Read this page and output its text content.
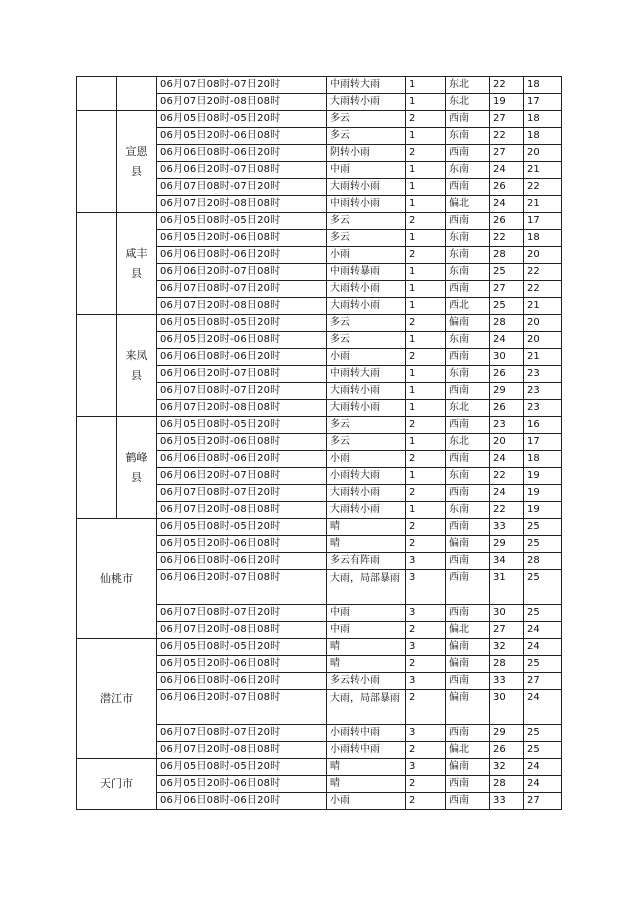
		06月07日08时-07日20时	中雨转大雨	1	东北	22	18
		06月07日20时-08日08时	大雨转小雨	1	东北	19	17
	宣恩县	06月05日08时-05日20时	多云	2	西南	27	18
		06月05日20时-06日08时	多云	1	东南	22	18
		06月06日08时-06日20时	阴转小雨	2	西南	27	20
		06月06日20时-07日08时	中雨	1	东南	24	21
		06月07日08时-07日20时	大雨转小雨	1	西南	26	22
		06月07日20时-08日08时	中雨转小雨	1	偏北	24	21
	咸丰县	06月05日08时-05日20时	多云	2	西南	26	17
		06月05日20时-06日08时	多云	1	东南	22	18
		06月06日08时-06日20时	小雨	2	东南	28	20
		06月06日20时-07日08时	中雨转暴雨	1	东南	25	22
		06月07日08时-07日20时	大雨转小雨	1	西南	27	22
		06月07日20时-08日08时	大雨转小雨	1	西北	25	21
	来凤县	06月05日08时-05日20时	多云	2	偏南	28	20
		06月05日20时-06日08时	多云	1	东南	24	20
		06月06日08时-06日20时	小雨	2	西南	30	21
		06月06日20时-07日08时	中雨转大雨	1	东南	26	23
		06月07日08时-07日20时	大雨转小雨	1	西南	29	23
		06月07日20时-08日08时	大雨转小雨	1	东北	26	23
	鹤峰县	06月05日08时-05日20时	多云	2	西南	23	16
		06月05日20时-06日08时	多云	1	东北	20	17
		06月06日08时-06日20时	小雨	2	西南	24	18
		06月06日20时-07日08时	小雨转大雨	1	东南	22	19
		06月07日08时-07日20时	大雨转小雨	2	西南	24	19
		06月07日20时-08日08时	大雨转小雨	1	东南	22	19
仙桃市		06月05日08时-05日20时	晴	2	西南	33	25
		06月05日20时-06日08时	晴	2	偏南	29	25
		06月06日08时-06日20时	多云有阵雨	3	西南	34	28
		06月06日20时-07日08时	大雨，局部暴雨	3	西南	31	25
		06月07日08时-07日20时	中雨	3	西南	30	25
		06月07日20时-08日08时	中雨	2	偏北	27	24
潜江市		06月05日08时-05日20时	晴	3	偏南	32	24
		06月05日20时-06日08时	晴	2	偏南	28	25
		06月06日08时-06日20时	多云转小雨	3	西南	33	27
		06月06日20时-07日08时	大雨，局部暴雨	2	偏南	30	24
		06月07日08时-07日20时	小雨转中雨	3	西南	29	25
		06月07日20时-08日08时	小雨转中雨	2	偏北	26	25
天门市		06月05日08时-05日20时	晴	3	偏南	32	24
		06月05日20时-06日08时	晴	2	西南	28	24
		06月06日08时-06日20时	小雨	2	西南	33	27
